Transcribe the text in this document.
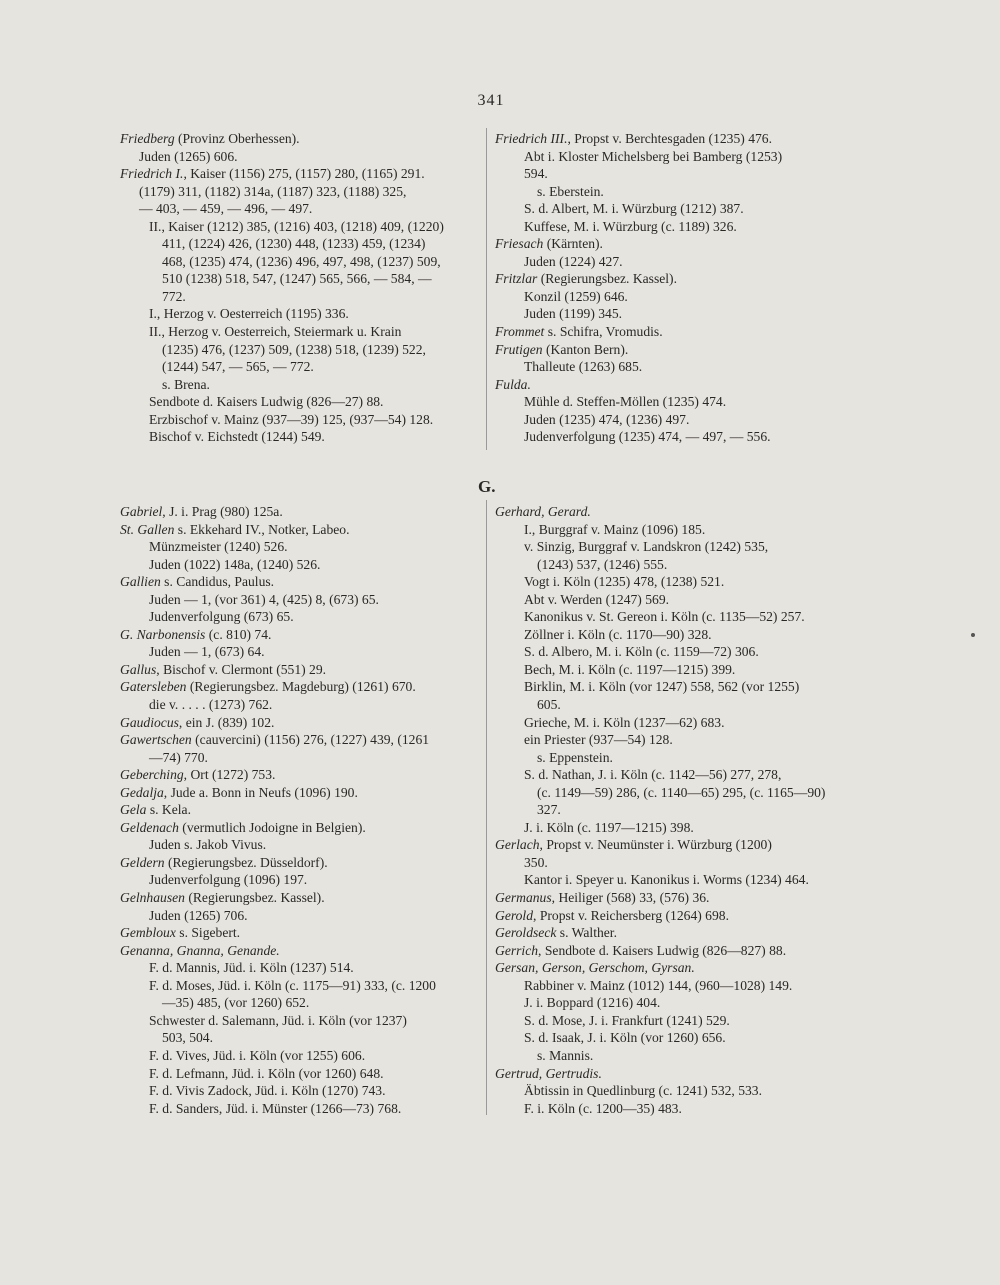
341
Friedberg (Provinz Oberhessen).
Juden (1265) 606.
Friedrich I., Kaiser (1156) 275, (1157) 280, (1165) 291.
(1179) 311, (1182) 314a, (1187) 323, (1188) 325,
— 403, — 459, — 496, — 497.
II., Kaiser (1212) 385, (1216) 403, (1218) 409, (1220)
411, (1224) 426, (1230) 448, (1233) 459, (1234)
468, (1235) 474, (1236) 496, 497, 498, (1237) 509,
510 (1238) 518, 547, (1247) 565, 566, — 584, —
772.
I., Herzog v. Oesterreich (1195) 336.
II., Herzog v. Oesterreich, Steiermark u. Krain
(1235) 476, (1237) 509, (1238) 518, (1239) 522,
(1244) 547, — 565, — 772.
s. Brena.
Sendbote d. Kaisers Ludwig (826—27) 88.
Erzbischof v. Mainz (937—39) 125, (937—54) 128.
Bischof v. Eichstedt (1244) 549.
Friedrich III., Propst v. Berchtesgaden (1235) 476.
Abt i. Kloster Michelsberg bei Bamberg (1253)
594.
s. Eberstein.
S. d. Albert, M. i. Würzburg (1212) 387.
Kuffese, M. i. Würzburg (c. 1189) 326.
Friesach (Kärnten).
Juden (1224) 427.
Fritzlar (Regierungsbez. Kassel).
Konzil (1259) 646.
Juden (1199) 345.
Frommet s. Schifra, Vromudis.
Frutigen (Kanton Bern).
Thalleute (1263) 685.
Fulda.
Mühle d. Steffen-Möllen (1235) 474.
Juden (1235) 474, (1236) 497.
Judenverfolgung (1235) 474, — 497, — 556.
G.
Gabriel, J. i. Prag (980) 125a.
St. Gallen s. Ekkehard IV., Notker, Labeo.
Münzmeister (1240) 526.
Juden (1022) 148a, (1240) 526.
Gallien s. Candidus, Paulus.
Juden — 1, (vor 361) 4, (425) 8, (673) 65.
Judenverfolgung (673) 65.
G. Narbonensis (c. 810) 74.
Juden — 1, (673) 64.
Gallus, Bischof v. Clermont (551) 29.
Gatersleben (Regierungsbez. Magdeburg) (1261) 670.
die v. . . . . (1273) 762.
Gaudiocus, ein J. (839) 102.
Gawertschen (cauvercini) (1156) 276, (1227) 439, (1261
—74) 770.
Geberching, Ort (1272) 753.
Gedalja, Jude a. Bonn in Neufs (1096) 190.
Gela s. Kela.
Geldenach (vermutlich Jodoigne in Belgien).
Juden s. Jakob Vivus.
Geldern (Regierungsbez. Düsseldorf).
Judenverfolgung (1096) 197.
Gelnhausen (Regierungsbez. Kassel).
Juden (1265) 706.
Gembloux s. Sigebert.
Genanna, Gnanna, Genande.
F. d. Mannis, Jüd. i. Köln (1237) 514.
F. d. Moses, Jüd. i. Köln (c. 1175—91) 333, (c. 1200
—35) 485, (vor 1260) 652.
Schwester d. Salemann, Jüd. i. Köln (vor 1237)
503, 504.
F. d. Vives, Jüd. i. Köln (vor 1255) 606.
F. d. Lefmann, Jüd. i. Köln (vor 1260) 648.
F. d. Vivis Zadock, Jüd. i. Köln (1270) 743.
F. d. Sanders, Jüd. i. Münster (1266—73) 768.
Gerhard, Gerard.
I., Burggraf v. Mainz (1096) 185.
v. Sinzig, Burggraf v. Landskron (1242) 535,
(1243) 537, (1246) 555.
Vogt i. Köln (1235) 478, (1238) 521.
Abt v. Werden (1247) 569.
Kanonikus v. St. Gereon i. Köln (c. 1135—52) 257.
Zöllner i. Köln (c. 1170—90) 328.
S. d. Albero, M. i. Köln (c. 1159—72) 306.
Bech, M. i. Köln (c. 1197—1215) 399.
Birklin, M. i. Köln (vor 1247) 558, 562 (vor 1255)
605.
Grieche, M. i. Köln (1237—62) 683.
ein Priester (937—54) 128.
s. Eppenstein.
S. d. Nathan, J. i. Köln (c. 1142—56) 277, 278,
(c. 1149—59) 286, (c. 1140—65) 295, (c. 1165—90)
327.
J. i. Köln (c. 1197—1215) 398.
Gerlach, Propst v. Neumünster i. Würzburg (1200)
350.
Kantor i. Speyer u. Kanonikus i. Worms (1234) 464.
Germanus, Heiliger (568) 33, (576) 36.
Gerold, Propst v. Reichersberg (1264) 698.
Geroldseck s. Walther.
Gerrich, Sendbote d. Kaisers Ludwig (826—827) 88.
Gersan, Gerson, Gerschom, Gyrsan.
Rabbiner v. Mainz (1012) 144, (960—1028) 149.
J. i. Boppard (1216) 404.
S. d. Mose, J. i. Frankfurt (1241) 529.
S. d. Isaak, J. i. Köln (vor 1260) 656.
s. Mannis.
Gertrud, Gertrudis.
Äbtissin in Quedlinburg (c. 1241) 532, 533.
F. i. Köln (c. 1200—35) 483.
